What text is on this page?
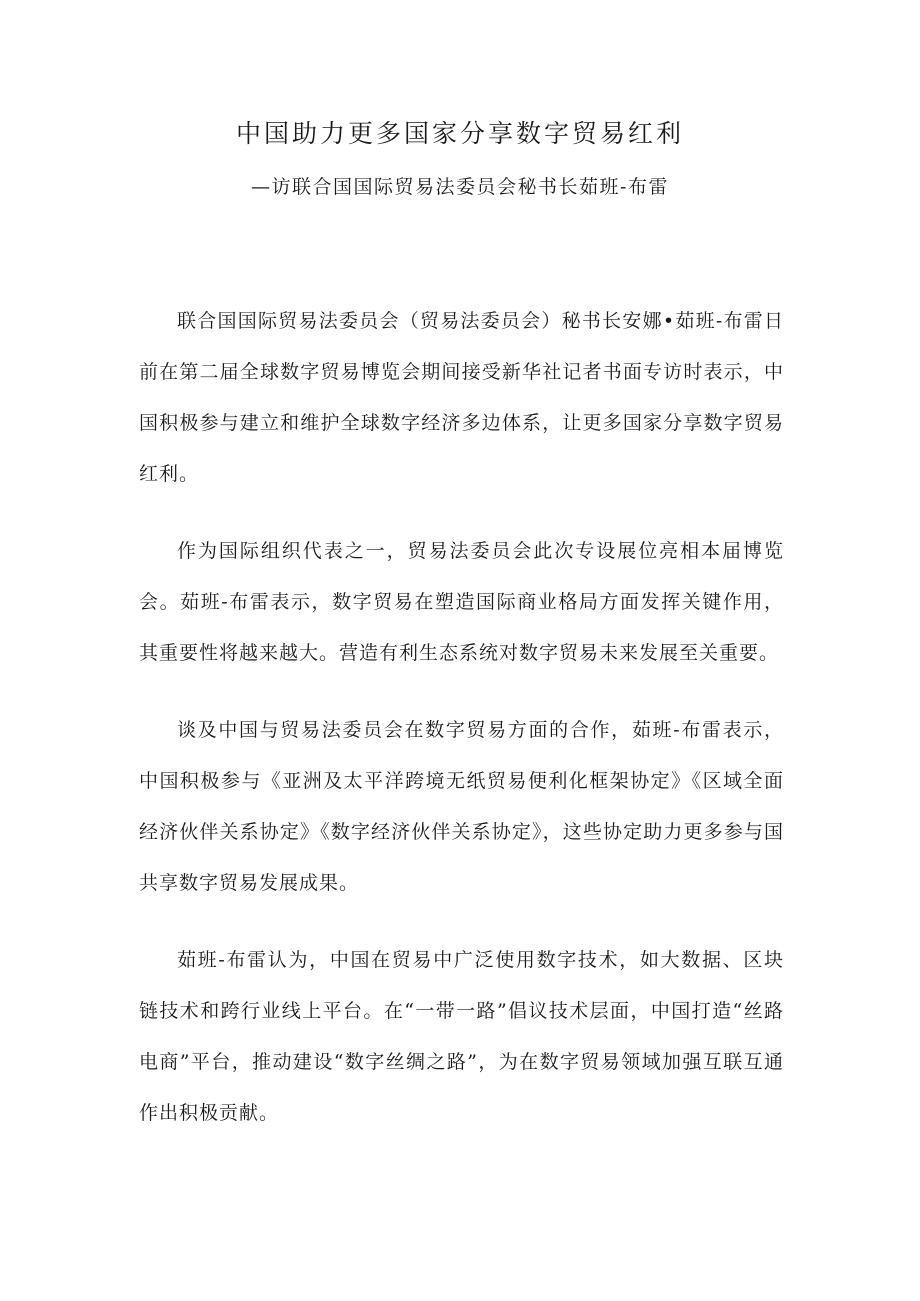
中国助力更多国家分享数字贸易红利
—访联合国国际贸易法委员会秘书长茹班-布雷

联合国国际贸易法委员会（贸易法委员会）秘书长安娜•茹班-布雷日前在第二届全球数字贸易博览会期间接受新华社记者书面专访时表示，中国积极参与建立和维护全球数字经济多边体系，让更多国家分享数字贸易红利。

作为国际组织代表之一，贸易法委员会此次专设展位亮相本届博览会。茹班-布雷表示，数字贸易在塑造国际商业格局方面发挥关键作用，其重要性将越来越大。营造有利生态系统对数字贸易未来发展至关重要。

谈及中国与贸易法委员会在数字贸易方面的合作，茹班-布雷表示，中国积极参与《亚洲及太平洋跨境无纸贸易便利化框架协定》《区域全面经济伙伴关系协定》《数字经济伙伴关系协定》，这些协定助力更多参与国共享数字贸易发展成果。

茹班-布雷认为，中国在贸易中广泛使用数字技术，如大数据、区块链技术和跨行业线上平台。在“一带一路”倡议技术层面，中国打造“丝路电商”平台，推动建设“数字丝绸之路”，为在数字贸易领域加强互联互通作出积极贡献。
